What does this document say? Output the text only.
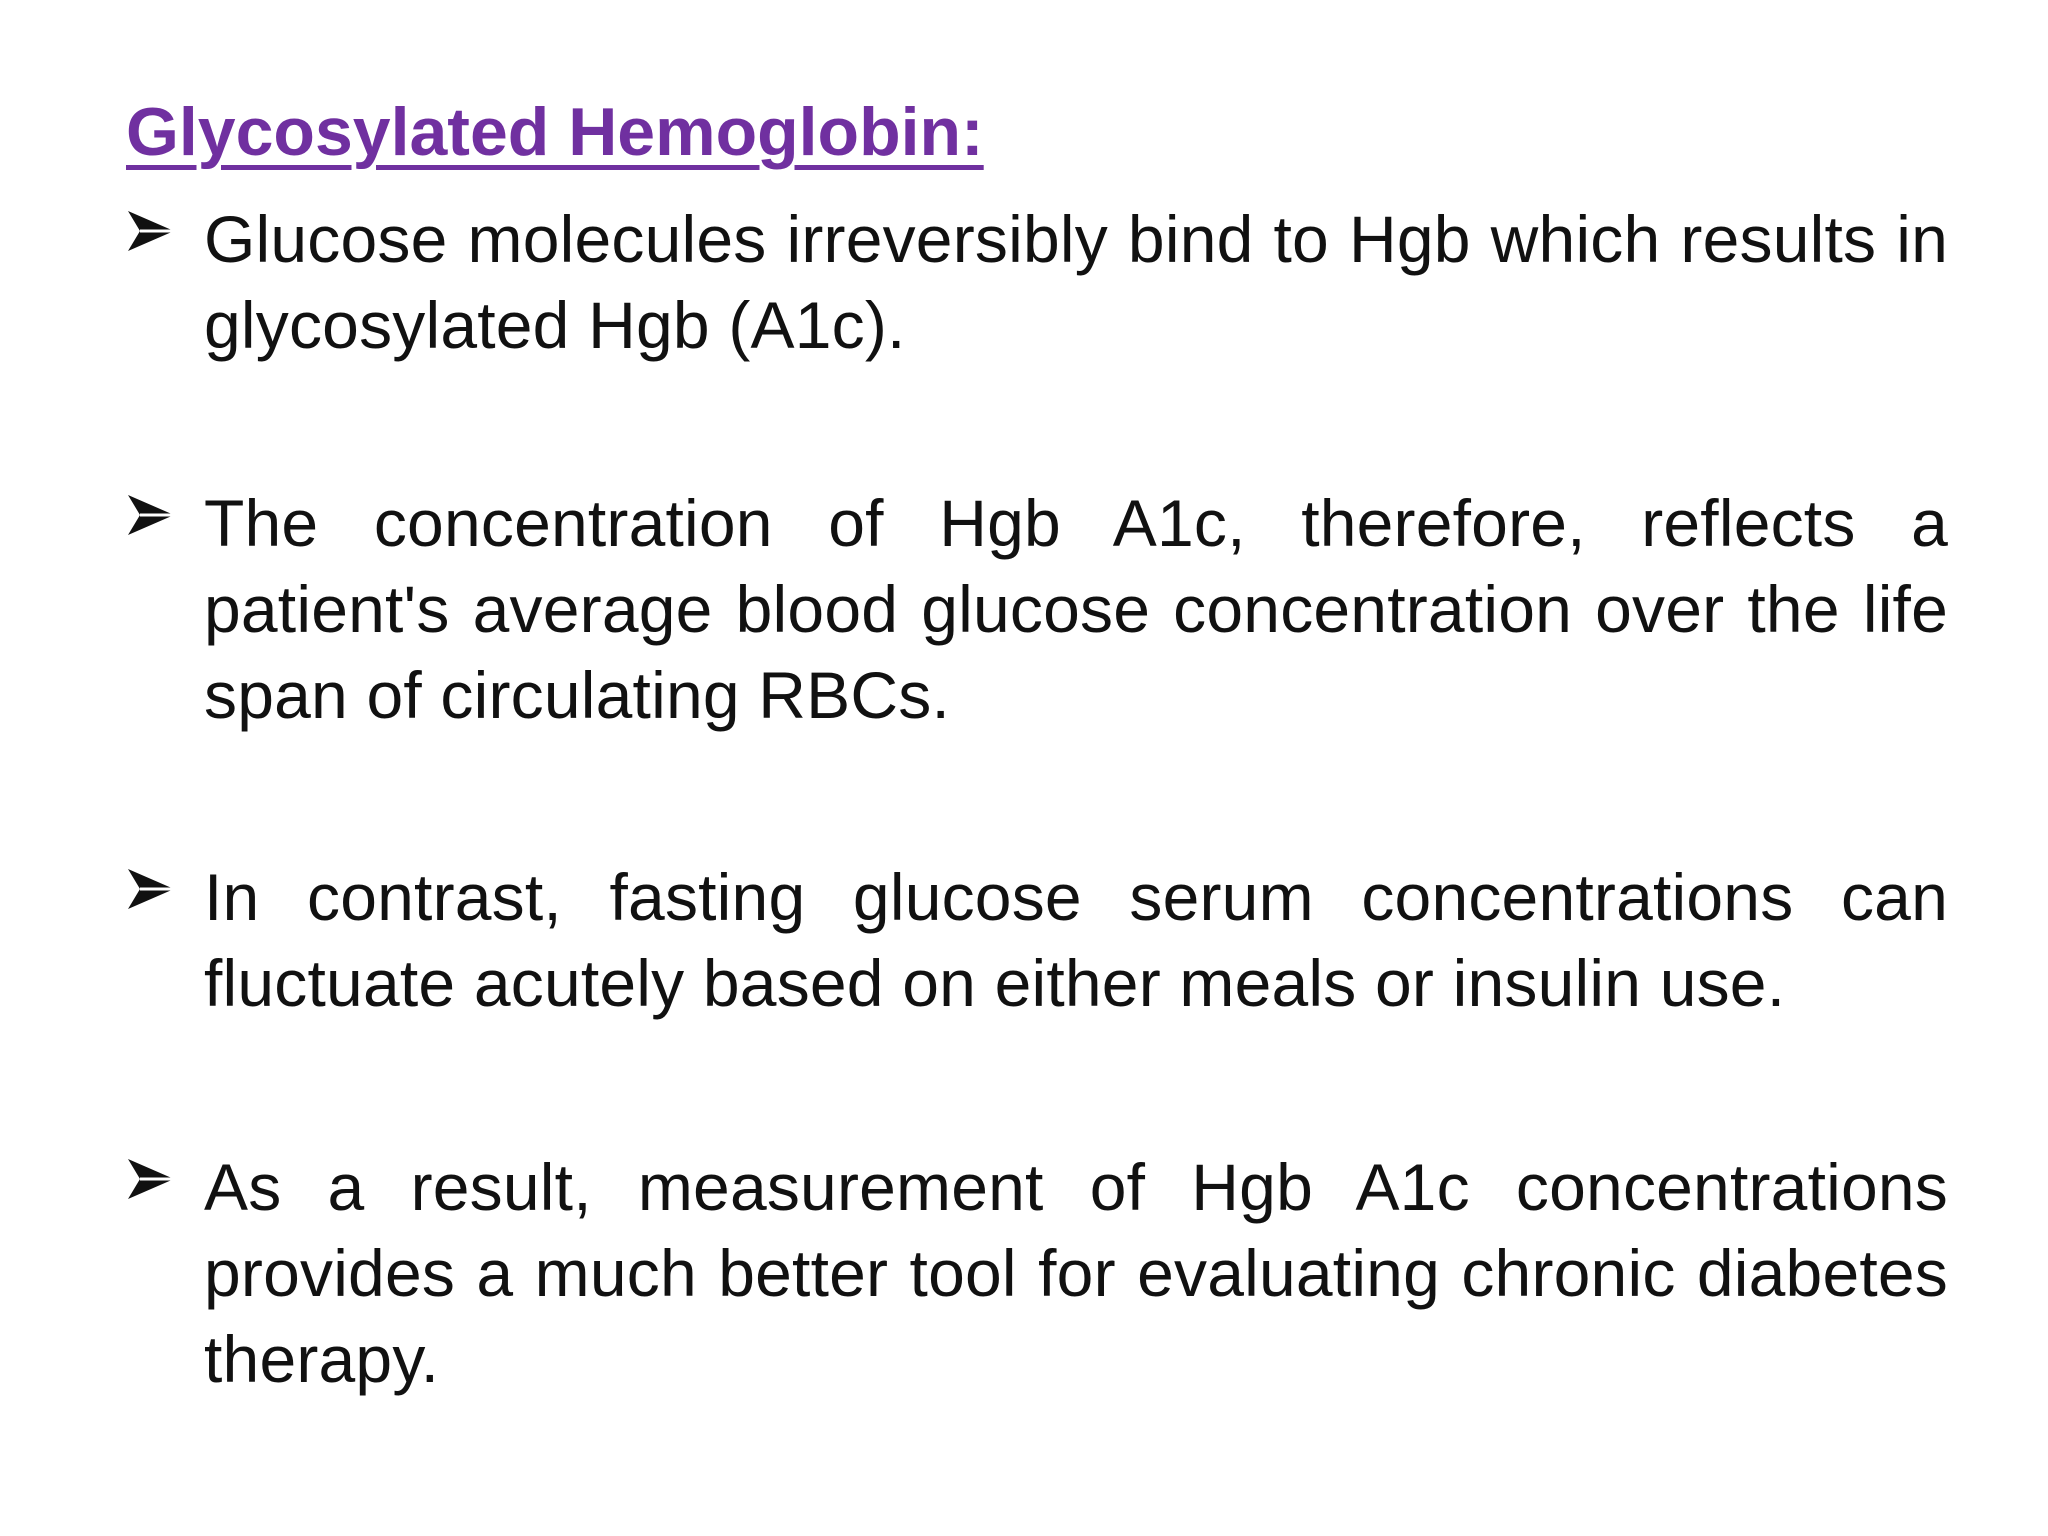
Glycosylated Hemoglobin:

Glucose molecules irreversibly bind to Hgb which results in glycosylated Hgb (A1c).

The concentration of Hgb A1c, therefore, reflects a patient's average blood glucose concentration over the life span of circulating RBCs.

In contrast, fasting glucose serum concentrations can fluctuate acutely based on either meals or insulin use.

As a result, measurement of Hgb A1c concentrations provides a much better tool for evaluating chronic diabetes therapy.
